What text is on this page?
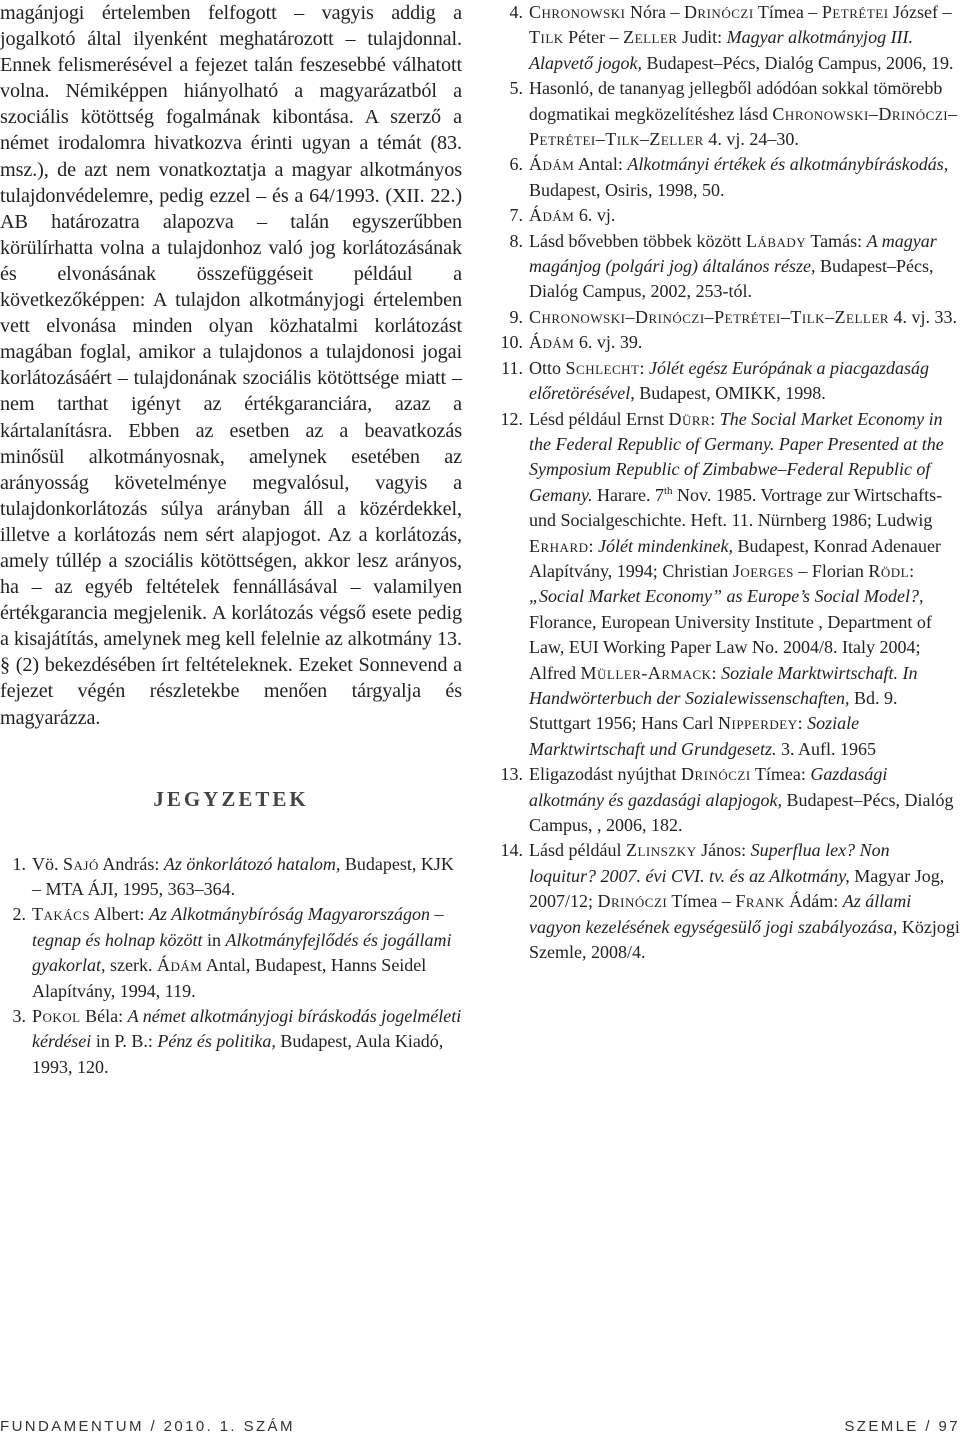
magánjogi értelemben felfogott – vagyis addig a jogalkotó által ilyenként meghatározott – tulajdonnal. Ennek felismerésével a fejezet talán feszesebbé válhatott volna. Némiképpen hiányolható a magyarázatból a szociális kötöttség fogalmának kibontása. A szerző a német irodalomra hivatkozva érinti ugyan a témát (83. msz.), de azt nem vonatkoztatja a magyar alkotmányos tulajdonvédelemre, pedig ezzel – és a 64/1993. (XII. 22.) AB határozatra alapozva – talán egyszerűbben körülírhatta volna a tulajdonhoz való jog korlátozásának és elvonásának összefüggéseit például a következőképpen: A tulajdon alkotmányjogi értelemben vett elvonása minden olyan közhatalmi korlátozást magában foglal, amikor a tulajdonos a tulajdonosi jogai korlátozásáért – tulajdonának szociális kötöttsége miatt – nem tarthat igényt az értékgaranciára, azaz a kártalanításra. Ebben az esetben az a beavatkozás minősül alkotmányosnak, amelynek esetében az arányosság követelménye megvalósul, vagyis a tulajdonkorlátozás súlya arányban áll a közérdekkel, illetve a korlátozás nem sért alapjogot. Az a korlátozás, amely túllép a szociális kötöttségen, akkor lesz arányos, ha – az egyéb feltételek fennállásával – valamilyen értékgarancia megjelenik. A korlátozás végső esete pedig a kisajátítás, amelynek meg kell felelnie az alkotmány 13. § (2) bekezdésében írt feltételeknek. Ezeket Sonnevend a fejezet végén részletekbe menően tárgyalja és magyarázza.

JEGYZETEK
1. Vö. Sajó András: Az önkorlátozó hatalom, Budapest, KJK – MTA ÁJI, 1995, 363–364.
2. Takács Albert: Az Alkotmánybíróság Magyarországon – tegnap és holnap között in Alkotmányfejlődés és jogállami gyakorlat, szerk. Ádám Antal, Budapest, Hanns Seidel Alapítvány, 1994, 119.
3. Pokol Béla: A német alkotmányjogi bíráskodás jogelméleti kérdései in P. B.: Pénz és politika, Budapest, Aula Kiadó, 1993, 120.
4. Chronowski Nóra – Drinóczi Tímea – Petrétei József – Tilk Péter – Zeller Judit: Magyar alkotmányjog III. Alapvető jogok, Budapest–Pécs, Dialóg Campus, 2006, 19.
5. Hasonló, de tananyag jellegből adódóan sokkal tömörebb dogmatikai megközelítéshez lásd Chronowski–Drinóczi–Petrétei–Tilk–Zeller 4. vj. 24–30.
6. Ádám Antal: Alkotmányi értékek és alkotmánybíráskodás, Budapest, Osiris, 1998, 50.
7. Ádám 6. vj.
8. Lásd bővebben többek között Lábady Tamás: A magyar magánjog (polgári jog) általános része, Budapest–Pécs, Dialóg Campus, 2002, 253-tól.
9. Chronowski–Drinóczi–Petrétei–Tilk–Zeller 4. vj. 33.
10. Ádám 6. vj. 39.
11. Otto Schlecht: Jólét egész Európának a piacgazdaság előretörésével, Budapest, OMIKK, 1998.
12. Lésd például Ernst Dürr: The Social Market Economy in the Federal Republic of Germany. Paper Presented at the Symposium Republic of Zimbabwe–Federal Republic of Gemany. Harare. 7th Nov. 1985. Vortrage zur Wirtschafts- und Socialgeschichte. Heft. 11. Nürnberg 1986; Ludwig Erhard: Jólét mindenkinek, Budapest, Konrad Adenauer Alapítvány, 1994; Christian Joerges – Florian Rödl: „Social Market Economy” as Europe’s Social Model?, Florance, European University Institute , Department of Law, EUI Working Paper Law No. 2004/8. Italy 2004; Alfred Müller-Armack: Soziale Marktwirtschaft. In Handwörterbuch der Sozialewissenschaften, Bd. 9. Stuttgart 1956; Hans Carl Nipperdey: Soziale Marktwirtschaft und Grundgesetz. 3. Aufl. 1965
13. Eligazodást nyújthat Drinóczi Tímea: Gazdasági alkotmány és gazdasági alapjogok, Budapest–Pécs, Dialóg Campus, , 2006, 182.
14. Lásd például Zlinszky János: Superflua lex? Non loquitur? 2007. évi CVI. tv. és az Alkotmány, Magyar Jog, 2007/12; Drinóczi Tímea – Frank Ádám: Az állami vagyon kezelésének egységesülő jogi szabályozása, Közjogi Szemle, 2008/4.
FUNDAMENTUM / 2010. 1. SZÁM	SZEMLE / 97
